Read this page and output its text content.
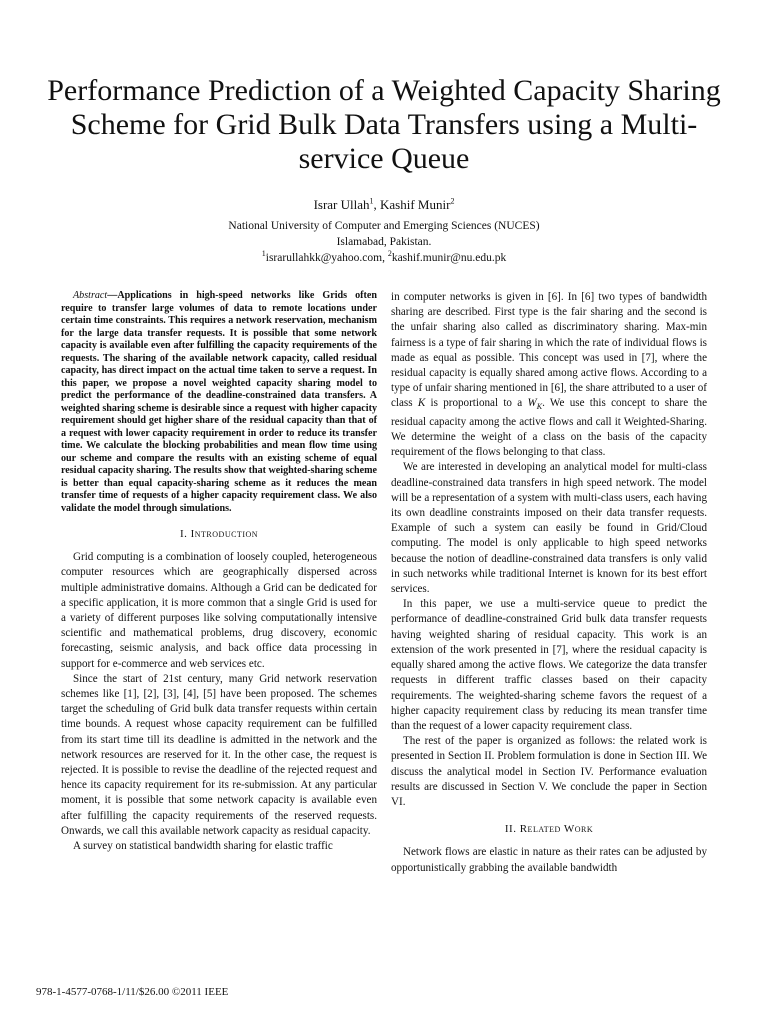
Performance Prediction of a Weighted Capacity Sharing Scheme for Grid Bulk Data Transfers using a Multi-service Queue
Israr Ullah$^1$, Kashif Munir$^2$
National University of Computer and Emerging Sciences (NUCES)
Islamabad, Pakistan.
$^1$israrullahkk@yahoo.com, $^2$kashif.munir@nu.edu.pk

Abstract—Applications in high-speed networks like Grids often require to transfer large volumes of data to remote locations under certain time constraints. This requires a network reservation, mechanism for the large data transfer requests. It is possible that some network capacity is available even after fulfilling the capacity requirements of the requests. The sharing of the available network capacity, called residual capacity, has direct impact on the actual time taken to serve a request. In this paper, we propose a novel weighted capacity sharing model to predict the performance of the deadline-constrained data transfers. A weighted sharing scheme is desirable since a request with higher capacity requirement should get higher share of the residual capacity than that of a request with lower capacity requirement in order to reduce its transfer time. We calculate the blocking probabilities and mean flow time using our scheme and compare the results with an existing scheme of equal residual capacity sharing. The results show that weighted-sharing scheme is better than equal capacity-sharing scheme as it reduces the mean transfer time of requests of a higher capacity requirement class. We also validate the model through simulations.

I. Introduction

Grid computing is a combination of loosely coupled, heterogeneous computer resources which are geographically dispersed across multiple administrative domains. Although a Grid can be dedicated for a specific application, it is more common that a single Grid is used for a variety of different purposes like solving computationally intensive scientific and mathematical problems, drug discovery, economic forecasting, seismic analysis, and back office data processing in support for e-commerce and web services etc.

Since the start of 21st century, many Grid network reservation schemes like [1], [2], [3], [4], [5] have been proposed. The schemes target the scheduling of Grid bulk data transfer requests within certain time bounds. A request whose capacity requirement can be fulfilled from its start time till its deadline is admitted in the network and the network resources are reserved for it. In the other case, the request is rejected. It is possible to revise the deadline of the rejected request and hence its capacity requirement for its re-submission. At any particular moment, it is possible that some network capacity is available even after fulfilling the capacity requirements of the reserved requests. Onwards, we call this available network capacity as residual capacity.

A survey on statistical bandwidth sharing for elastic traffic

in computer networks is given in [6]. In [6] two types of bandwidth sharing are described. First type is the fair sharing and the second is the unfair sharing also called as discriminatory sharing. Max-min fairness is a type of fair sharing in which the rate of individual flows is made as equal as possible. This concept was used in [7], where the residual capacity is equally shared among active flows. According to a type of unfair sharing mentioned in [6], the share attributed to a user of class K is proportional to a $W_K$. We use this concept to share the residual capacity among the active flows and call it Weighted-Sharing. We determine the weight of a class on the basis of the capacity requirement of the flows belonging to that class.

We are interested in developing an analytical model for multi-class deadline-constrained data transfers in high speed network. The model will be a representation of a system with multi-class users, each having its own deadline constraints imposed on their data transfer requests. Example of such a system can easily be found in Grid/Cloud computing. The model is only applicable to high speed networks because the notion of deadline-constrained data transfers is only valid in such networks while traditional Internet is known for its best effort services.

In this paper, we use a multi-service queue to predict the performance of deadline-constrained Grid bulk data transfer requests having weighted sharing of residual capacity. This work is an extension of the work presented in [7], where the residual capacity is equally shared among the active flows. We categorize the data transfer requests in different traffic classes based on their capacity requirements. The weighted-sharing scheme favors the request of a higher capacity requirement class by reducing its mean transfer time than the request of a lower capacity requirement class.

The rest of the paper is organized as follows: the related work is presented in Section II. Problem formulation is done in Section III. We discuss the analytical model in Section IV. Performance evaluation results are discussed in Section V. We conclude the paper in Section VI.

II. Related Work

Network flows are elastic in nature as their rates can be adjusted by opportunistically grabbing the available bandwidth

978-1-4577-0768-1/11/$26.00 ©2011 IEEE
